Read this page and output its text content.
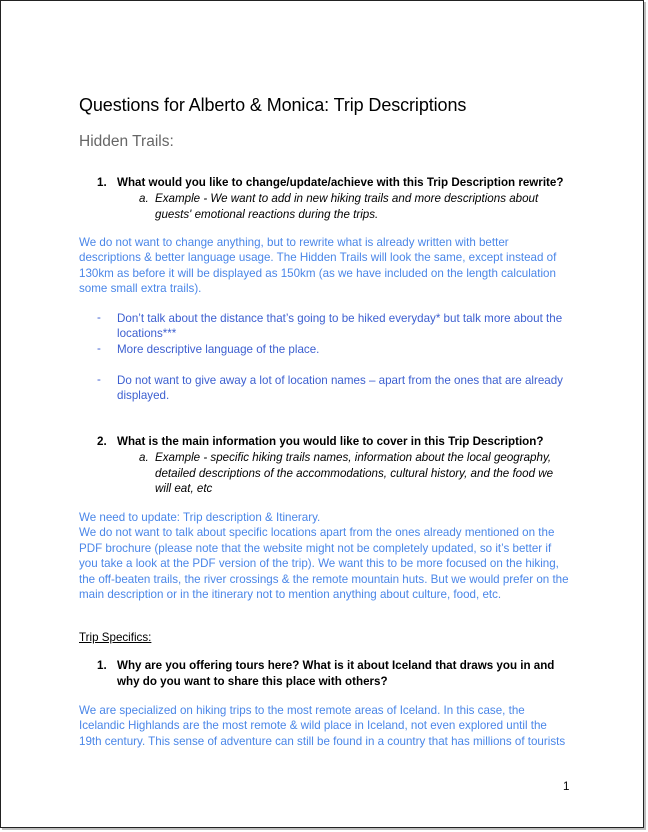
Questions for Alberto & Monica: Trip Descriptions
Hidden Trails:
1. What would you like to change/update/achieve with this Trip Description rewrite?
a. Example - We want to add in new hiking trails and more descriptions about
guests' emotional reactions during the trips.
We do not want to change anything, but to rewrite what is already written with better
descriptions & better language usage. The Hidden Trails will look the same, except instead of
130km as before it will be displayed as 150km (as we have included on the length calculation
some small extra trails).
- Don’t talk about the distance that’s going to be hiked everyday* but talk more about the
locations***
- More descriptive language of the place.
- Do not want to give away a lot of location names – apart from the ones that are already
displayed.
2. What is the main information you would like to cover in this Trip Description?
a. Example - specific hiking trails names, information about the local geography,
detailed descriptions of the accommodations, cultural history, and the food we
will eat, etc
We need to update: Trip description & Itinerary.
We do not want to talk about specific locations apart from the ones already mentioned on the
PDF brochure (please note that the website might not be completely updated, so it’s better if
you take a look at the PDF version of the trip). We want this to be more focused on the hiking,
the off-beaten trails, the river crossings & the remote mountain huts. But we would prefer on the
main description or in the itinerary not to mention anything about culture, food, etc.
Trip Specifics:
1. Why are you offering tours here? What is it about Iceland that draws you in and
why do you want to share this place with others?
We are specialized on hiking trips to the most remote areas of Iceland. In this case, the
Icelandic Highlands are the most remote & wild place in Iceland, not even explored until the
19th century. This sense of adventure can still be found in a country that has millions of tourists
1
